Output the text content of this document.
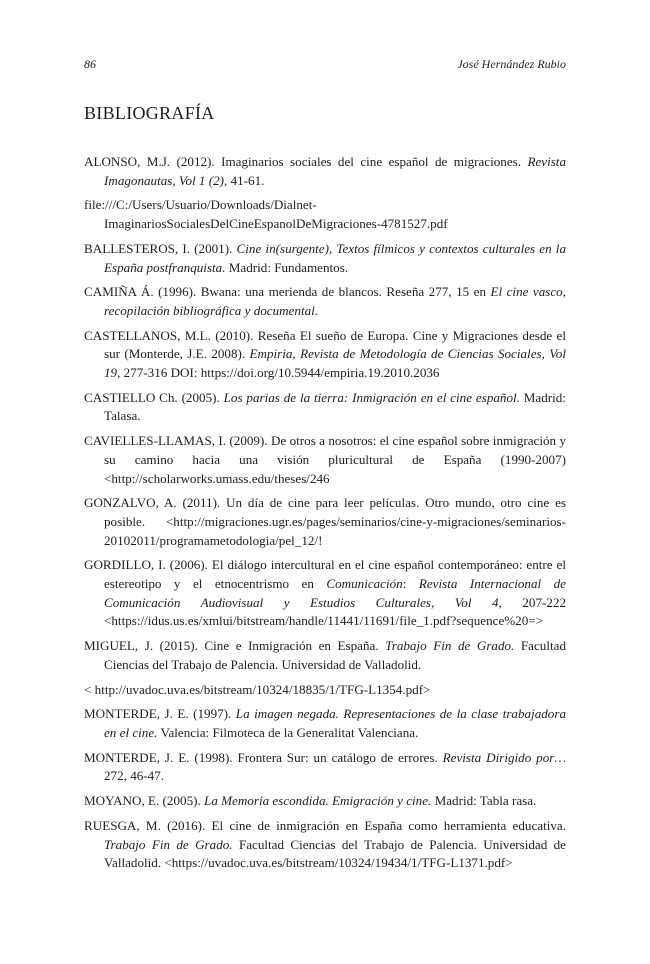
86	José Hernández Rubio
BIBLIOGRAFÍA
ALONSO, M.J. (2012). Imaginarios sociales del cine español de migraciones. Revista Imagonautas, Vol 1 (2), 41-61.
file:///C:/Users/Usuario/Downloads/Dialnet-ImaginariosSocialesDelCineEspanolDeMigraciones-4781527.pdf
BALLESTEROS, I. (2001). Cine in(surgente), Textos fílmicos y contextos culturales en la España postfranquista. Madrid: Fundamentos.
CAMIÑA Á. (1996). Bwana: una merienda de blancos. Reseña 277, 15 en El cine vasco, recopilación bibliográfica y documental.
CASTELLANOS, M.L. (2010). Reseña El sueño de Europa. Cine y Migraciones desde el sur (Monterde, J.E. 2008). Empiria, Revista de Metodología de Ciencias Sociales, Vol 19, 277-316 DOI: https://doi.org/10.5944/empiria.19.2010.2036
CASTIELLO Ch. (2005). Los parias de la tierra: Inmigración en el cine español. Madrid: Talasa.
CAVIELLES-LLAMAS, I. (2009). De otros a nosotros: el cine español sobre inmigración y su camino hacia una visión pluricultural de España (1990-2007) <http://scholarworks.umass.edu/theses/246
GONZALVO, A. (2011). Un día de cine para leer películas. Otro mundo, otro cine es posible. <http://migraciones.ugr.es/pages/seminarios/cine-y-migraciones/seminarios-20102011/programametodologia/pel_12/!
GORDILLO, I. (2006). El diálogo intercultural en el cine español contemporáneo: entre el estereotipo y el etnocentrismo en Comunicación: Revista Internacional de Comunicación Audiovisual y Estudios Culturales, Vol 4, 207-222 <https://idus.us.es/xmlui/bitstream/handle/11441/11691/file_1.pdf?sequence%20=>
MIGUEL, J. (2015). Cine e Inmigración en España. Trabajo Fin de Grado. Facultad Ciencias del Trabajo de Palencia. Universidad de Valladolid.
< http://uvadoc.uva.es/bitstream/10324/18835/1/TFG-L1354.pdf>
MONTERDE, J. E. (1997). La imagen negada. Representaciones de la clase trabajadora en el cine. Valencia: Filmoteca de la Generalitat Valenciana.
MONTERDE, J. E. (1998). Frontera Sur: un catálogo de errores. Revista Dirigido por… 272, 46-47.
MOYANO, E. (2005). La Memoria escondida. Emigración y cine. Madrid: Tabla rasa.
RUESGA, M. (2016). El cine de inmigración en España como herramienta educativa. Trabajo Fin de Grado. Facultad Ciencias del Trabajo de Palencia. Universidad de Valladolid. <https://uvadoc.uva.es/bitstream/10324/19434/1/TFG-L1371.pdf>
